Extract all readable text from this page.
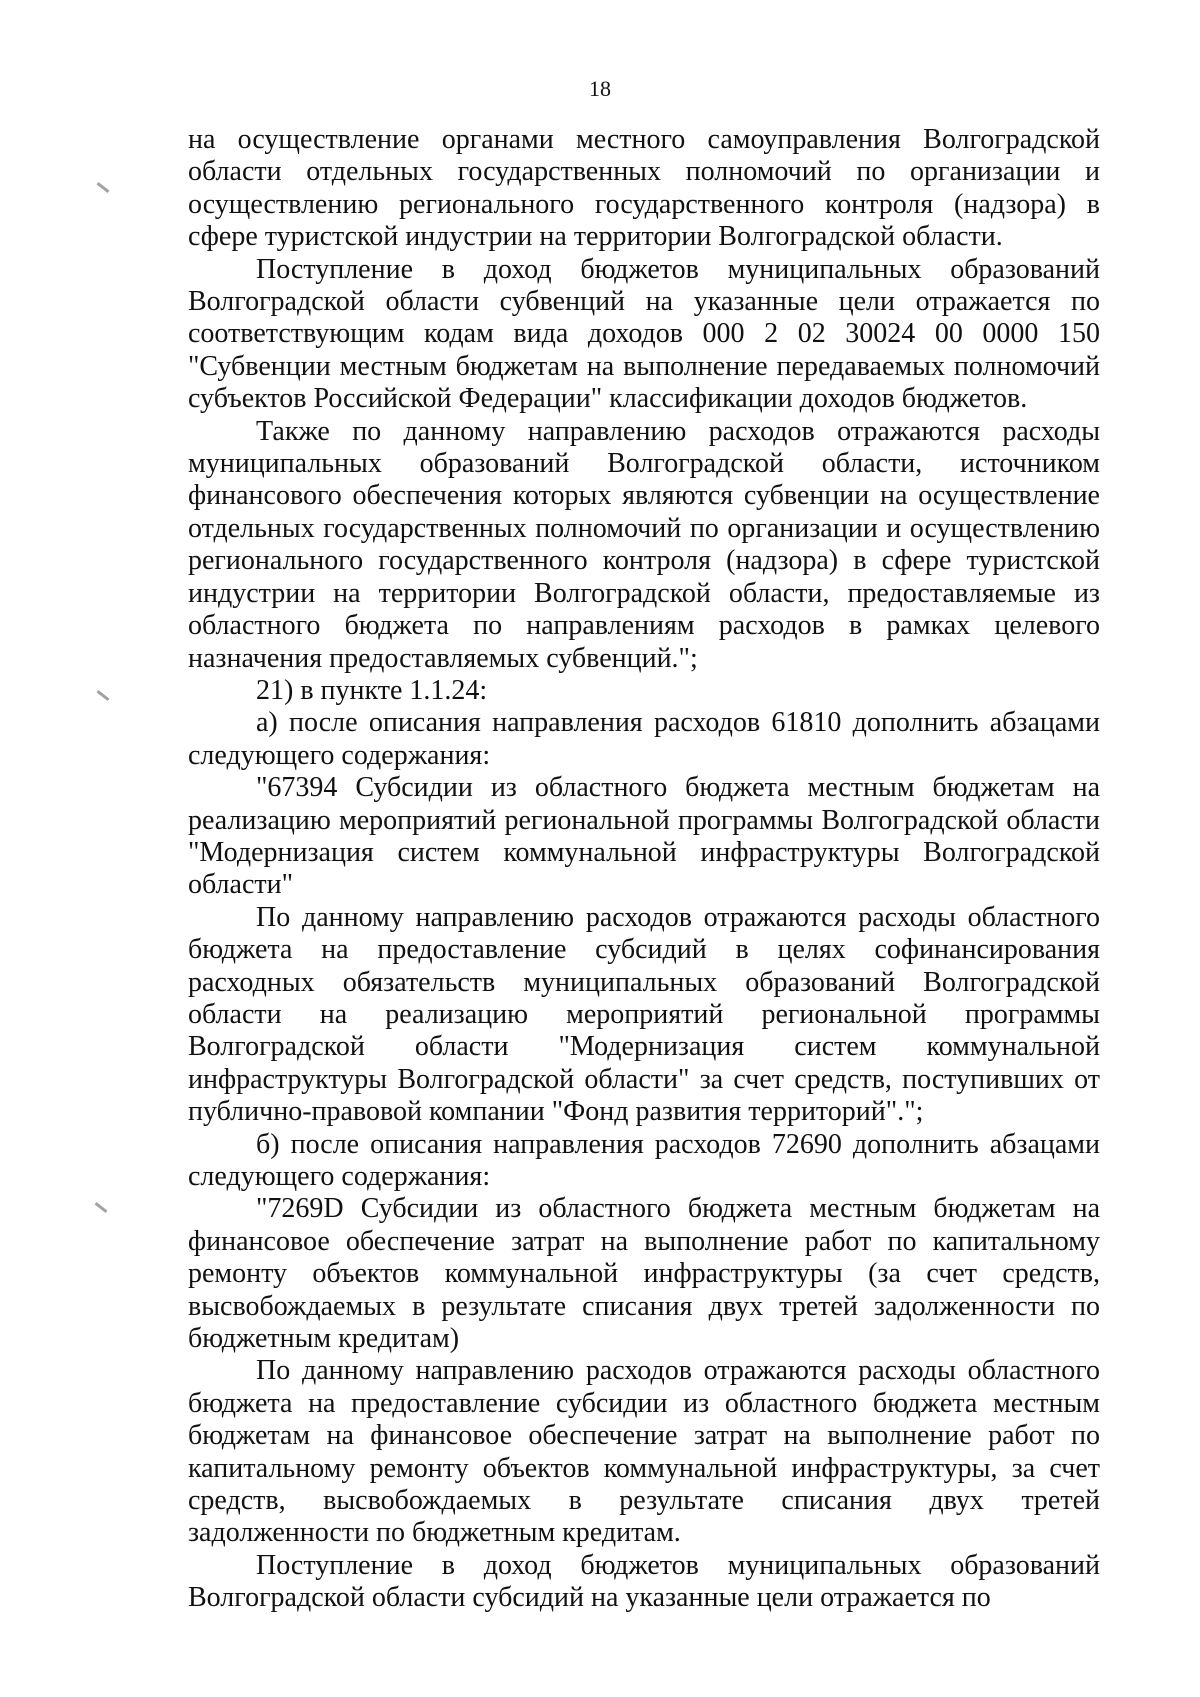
18

на осуществление органами местного самоуправления Волгоградской области отдельных государственных полномочий по организации и осуществлению регионального государственного контроля (надзора) в сфере туристской индустрии на территории Волгоградской области.

Поступление в доход бюджетов муниципальных образований Волгоградской области субвенций на указанные цели отражается по соответствующим кодам вида доходов 000 2 02 30024 00 0000 150 "Субвенции местным бюджетам на выполнение передаваемых полномочий субъектов Российской Федерации" классификации доходов бюджетов.

Также по данному направлению расходов отражаются расходы муниципальных образований Волгоградской области, источником финансового обеспечения которых являются субвенции на осуществление отдельных государственных полномочий по организации и осуществлению регионального государственного контроля (надзора) в сфере туристской индустрии на территории Волгоградской области, предоставляемые из областного бюджета по направлениям расходов в рамках целевого назначения предоставляемых субвенций.";

21) в пункте 1.1.24:

а) после описания направления расходов 61810 дополнить абзацами следующего содержания:

"67394 Субсидии из областного бюджета местным бюджетам на реализацию мероприятий региональной программы Волгоградской области "Модернизация систем коммунальной инфраструктуры Волгоградской области"

По данному направлению расходов отражаются расходы областного бюджета на предоставление субсидий в целях софинансирования расходных обязательств муниципальных образований Волгоградской области на реализацию мероприятий региональной программы Волгоградской области "Модернизация систем коммунальной инфраструктуры Волгоградской области" за счет средств, поступивших от публично-правовой компании "Фонд развития территорий".";

б) после описания направления расходов 72690 дополнить абзацами следующего содержания:

"7269D Субсидии из областного бюджета местным бюджетам на финансовое обеспечение затрат на выполнение работ по капитальному ремонту объектов коммунальной инфраструктуры (за счет средств, высвобождаемых в результате списания двух третей задолженности по бюджетным кредитам)

По данному направлению расходов отражаются расходы областного бюджета на предоставление субсидии из областного бюджета местным бюджетам на финансовое обеспечение затрат на выполнение работ по капитальному ремонту объектов коммунальной инфраструктуры, за счет средств, высвобождаемых в результате списания двух третей задолженности по бюджетным кредитам.

Поступление в доход бюджетов муниципальных образований Волгоградской области субсидий на указанные цели отражается по
